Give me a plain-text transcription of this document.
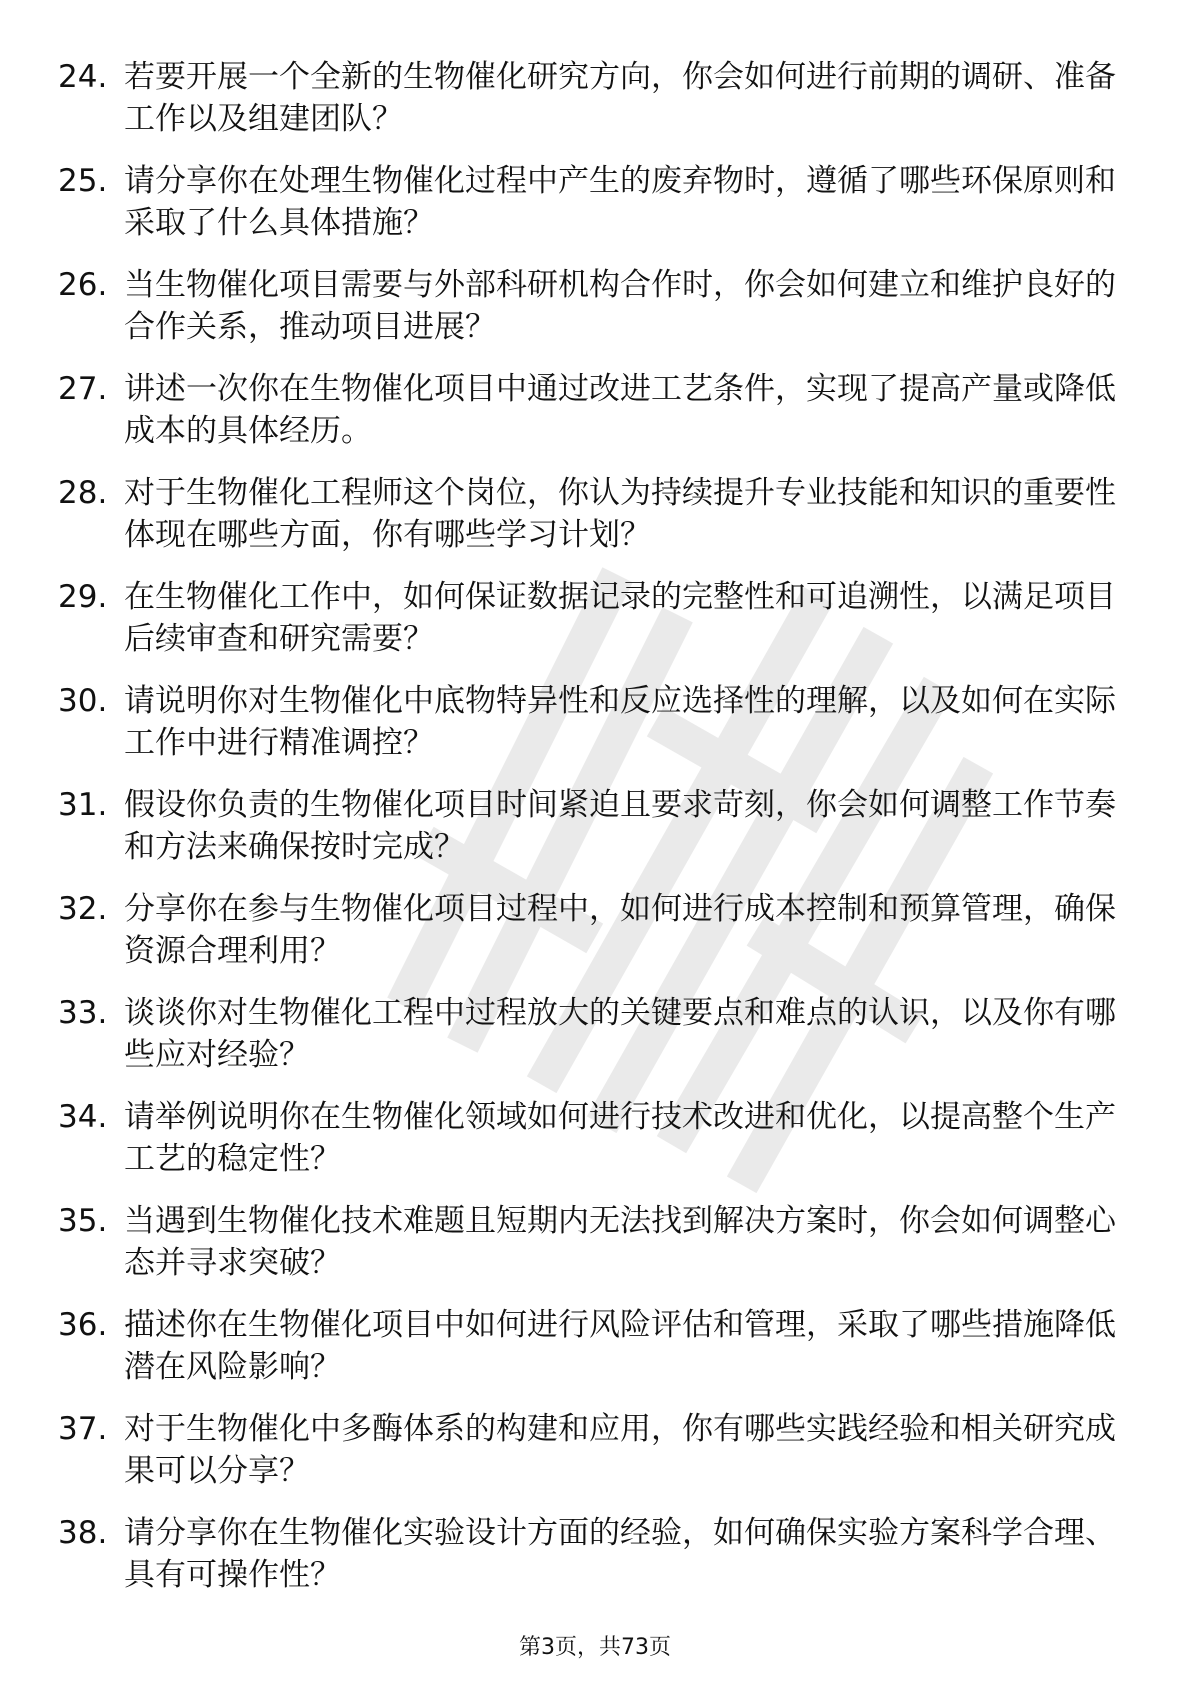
24. 若要开展一个全新的生物催化研究方向，你会如何进行前期的调研、准备工作以及组建团队？
25. 请分享你在处理生物催化过程中产生的废弃物时，遵循了哪些环保原则和采取了什么具体措施？
26. 当生物催化项目需要与外部科研机构合作时，你会如何建立和维护良好的合作关系，推动项目进展？
27. 讲述一次你在生物催化项目中通过改进工艺条件，实现了提高产量或降低成本的具体经历。
28. 对于生物催化工程师这个岗位，你认为持续提升专业技能和知识的重要性体现在哪些方面，你有哪些学习计划？
29. 在生物催化工作中，如何保证数据记录的完整性和可追溯性，以满足项目后续审查和研究需要？
30. 请说明你对生物催化中底物特异性和反应选择性的理解，以及如何在实际工作中进行精准调控？
31. 假设你负责的生物催化项目时间紧迫且要求苛刻，你会如何调整工作节奏和方法来确保按时完成？
32. 分享你在参与生物催化项目过程中，如何进行成本控制和预算管理，确保资源合理利用？
33. 谈谈你对生物催化工程中过程放大的关键要点和难点的认识，以及你有哪些应对经验？
34. 请举例说明你在生物催化领域如何进行技术改进和优化，以提高整个生产工艺的稳定性？
35. 当遇到生物催化技术难题且短期内无法找到解决方案时，你会如何调整心态并寻求突破？
36. 描述你在生物催化项目中如何进行风险评估和管理，采取了哪些措施降低潜在风险影响？
37. 对于生物催化中多酶体系的构建和应用，你有哪些实践经验和相关研究成果可以分享？
38. 请分享你在生物催化实验设计方面的经验，如何确保实验方案科学合理、具有可操作性？
第3页，共73页
